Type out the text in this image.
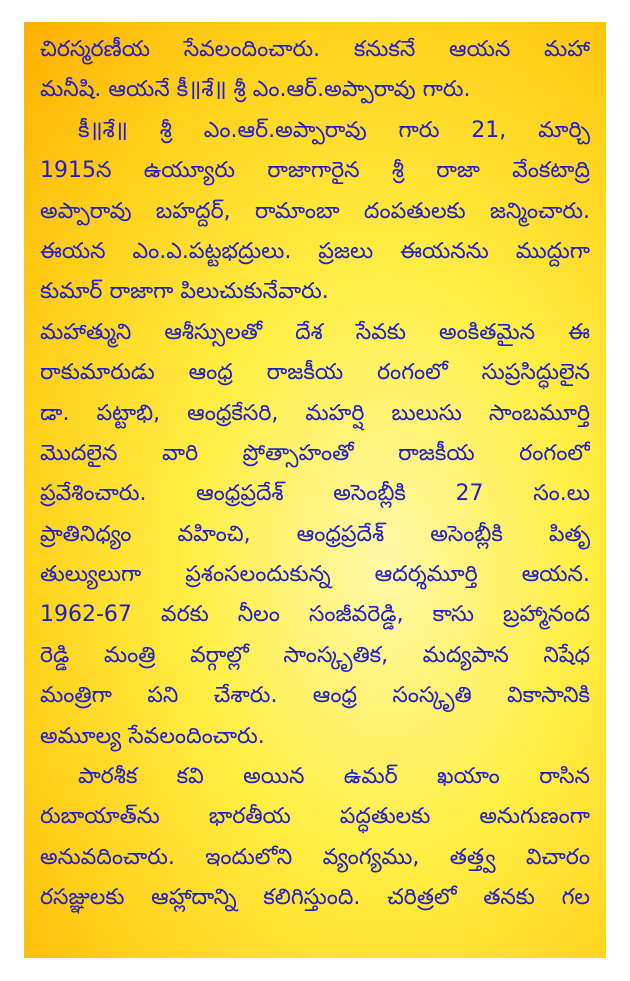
చిరస్మరణీయ సేవలందించారు. కనుకనే ఆయన మహా
మనీషి. ఆయనే కీ॥శే॥ శ్రీ ఎం.ఆర్.అప్పారావు గారు.
కీ॥శే॥ శ్రీ ఎం.ఆర్.అప్పారావు గారు 21, మార్చి
1915న ఉయ్యూరు రాజాగారైన శ్రీ రాజా వేంకటాద్రి
అప్పారావు బహద్దర్, రామాంబా దంపతులకు జన్మించారు.
ఈయన ఎం.ఎ.పట్టభద్రులు. ప్రజలు ఈయనను ముద్దుగా
కుమార్ రాజాగా పిలుచుకునేవారు.
మహాత్ముని ఆశీస్సులతో దేశ సేవకు అంకితమైన ఈ
రాకుమారుడు ఆంధ్ర రాజకీయ రంగంలో సుప్రసిద్ధులైన
డా. పట్టాభి, ఆంధ్రకేసరి, మహర్షి బులుసు సాంబమూర్తి
మొదలైన వారి ప్రోత్సాహంతో రాజకీయ రంగంలో
ప్రవేశించారు. ఆంధ్రప్రదేశ్ అసెంబ్లీకి 27 సం.లు
ప్రాతినిధ్యం వహించి, ఆంధ్రప్రదేశ్ అసెంబ్లీకి పితృ
తుల్యులుగా ప్రశంసలందుకున్న ఆదర్శమూర్తి ఆయన.
1962-67 వరకు నీలం సంజీవరెడ్డి, కాసు బ్రహ్మానంద
రెడ్డి మంత్రి వర్గాల్లో సాంస్కృతిక, మద్యపాన నిషేధ
మంత్రిగా పని చేశారు. ఆంధ్ర సంస్కృతి వికాసానికి
అమూల్య సేవలందించారు.
పారశీక కవి అయిన ఉమర్ ఖయాం రాసిన
రుబాయాత్‌ను భారతీయ పద్ధతులకు అనుగుణంగా
అనువదించారు. ఇందులోని వ్యంగ్యము, తత్త్వ విచారం
రసజ్ఞులకు ఆహ్లాదాన్ని కలిగిస్తుంది. చరిత్రలో తనకు గల
